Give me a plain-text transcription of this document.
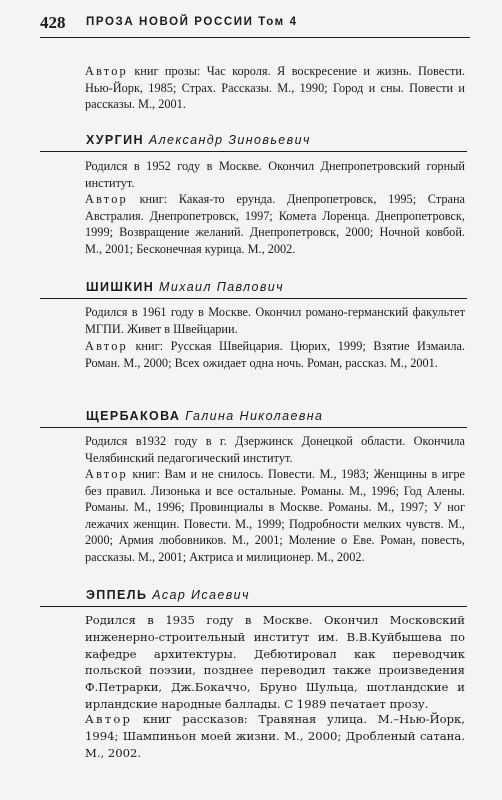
428 ПРОЗА НОВОЙ РОССИИ Том 4

Автор книг прозы: Час короля. Я воскресение и жизнь. Повести. Нью-Йорк, 1985; Страх. Рассказы. М., 1990; Город и сны. Повести и рассказы. М., 2001.

ХУРГИН Александр Зиновьевич

Родился в 1952 году в Москве. Окончил Днепропетровский горный институт.

Автор книг: Какая-то ерунда. Днепропетровск, 1995; Страна Австралия. Днепропетровск, 1997; Комета Лоренца. Днепропетровск, 1999; Возвращение желаний. Днепропетровск, 2000; Ночной ковбой. М., 2001; Бесконечная курица. М., 2002.

ШИШКИН Михаил Павлович

Родился в 1961 году в Москве. Окончил романо-германский факультет МГПИ. Живет в Швейцарии.

Автор книг: Русская Швейцария. Цюрих, 1999; Взятие Измаила. Роман. М., 2000; Всех ожидает одна ночь. Роман, рассказ. М., 2001.

ЩЕРБАКОВА Галина Николаевна

Родился в1932 году в г. Дзержинск Донецкой области. Окончила Челябинский педагогический институт.

Автор книг: Вам и не снилось. Повести. М., 1983; Женщины в игре без правил. Лизонька и все остальные. Романы. М., 1996; Год Алены. Романы. М., 1996; Провинциалы в Москве. Романы. М., 1997; У ног лежачих женщин. Повести. М., 1999; Подробности мелких чувств. М., 2000; Армия любовников. М., 2001; Моление о Еве. Роман, повесть, рассказы. М., 2001; Актриса и милиционер. М., 2002.

ЭППЕЛЬ Асар Исаевич

Родился в 1935 году в Москве. Окончил Московский инженерно-строительный институт им. В.В.Куйбышева по кафедре архитектуры. Дебютировал как переводчик польской поэзии, позднее переводил также произведения Ф.Петрарки, Дж.Бокаччо, Бруно Шульца, шотландские и ирландские народные баллады. С 1989 печатает прозу.

Автор книг рассказов: Травяная улица. М.–Нью-Йорк, 1994; Шампиньон моей жизни. М., 2000; Дробленый сатана. М., 2002.
